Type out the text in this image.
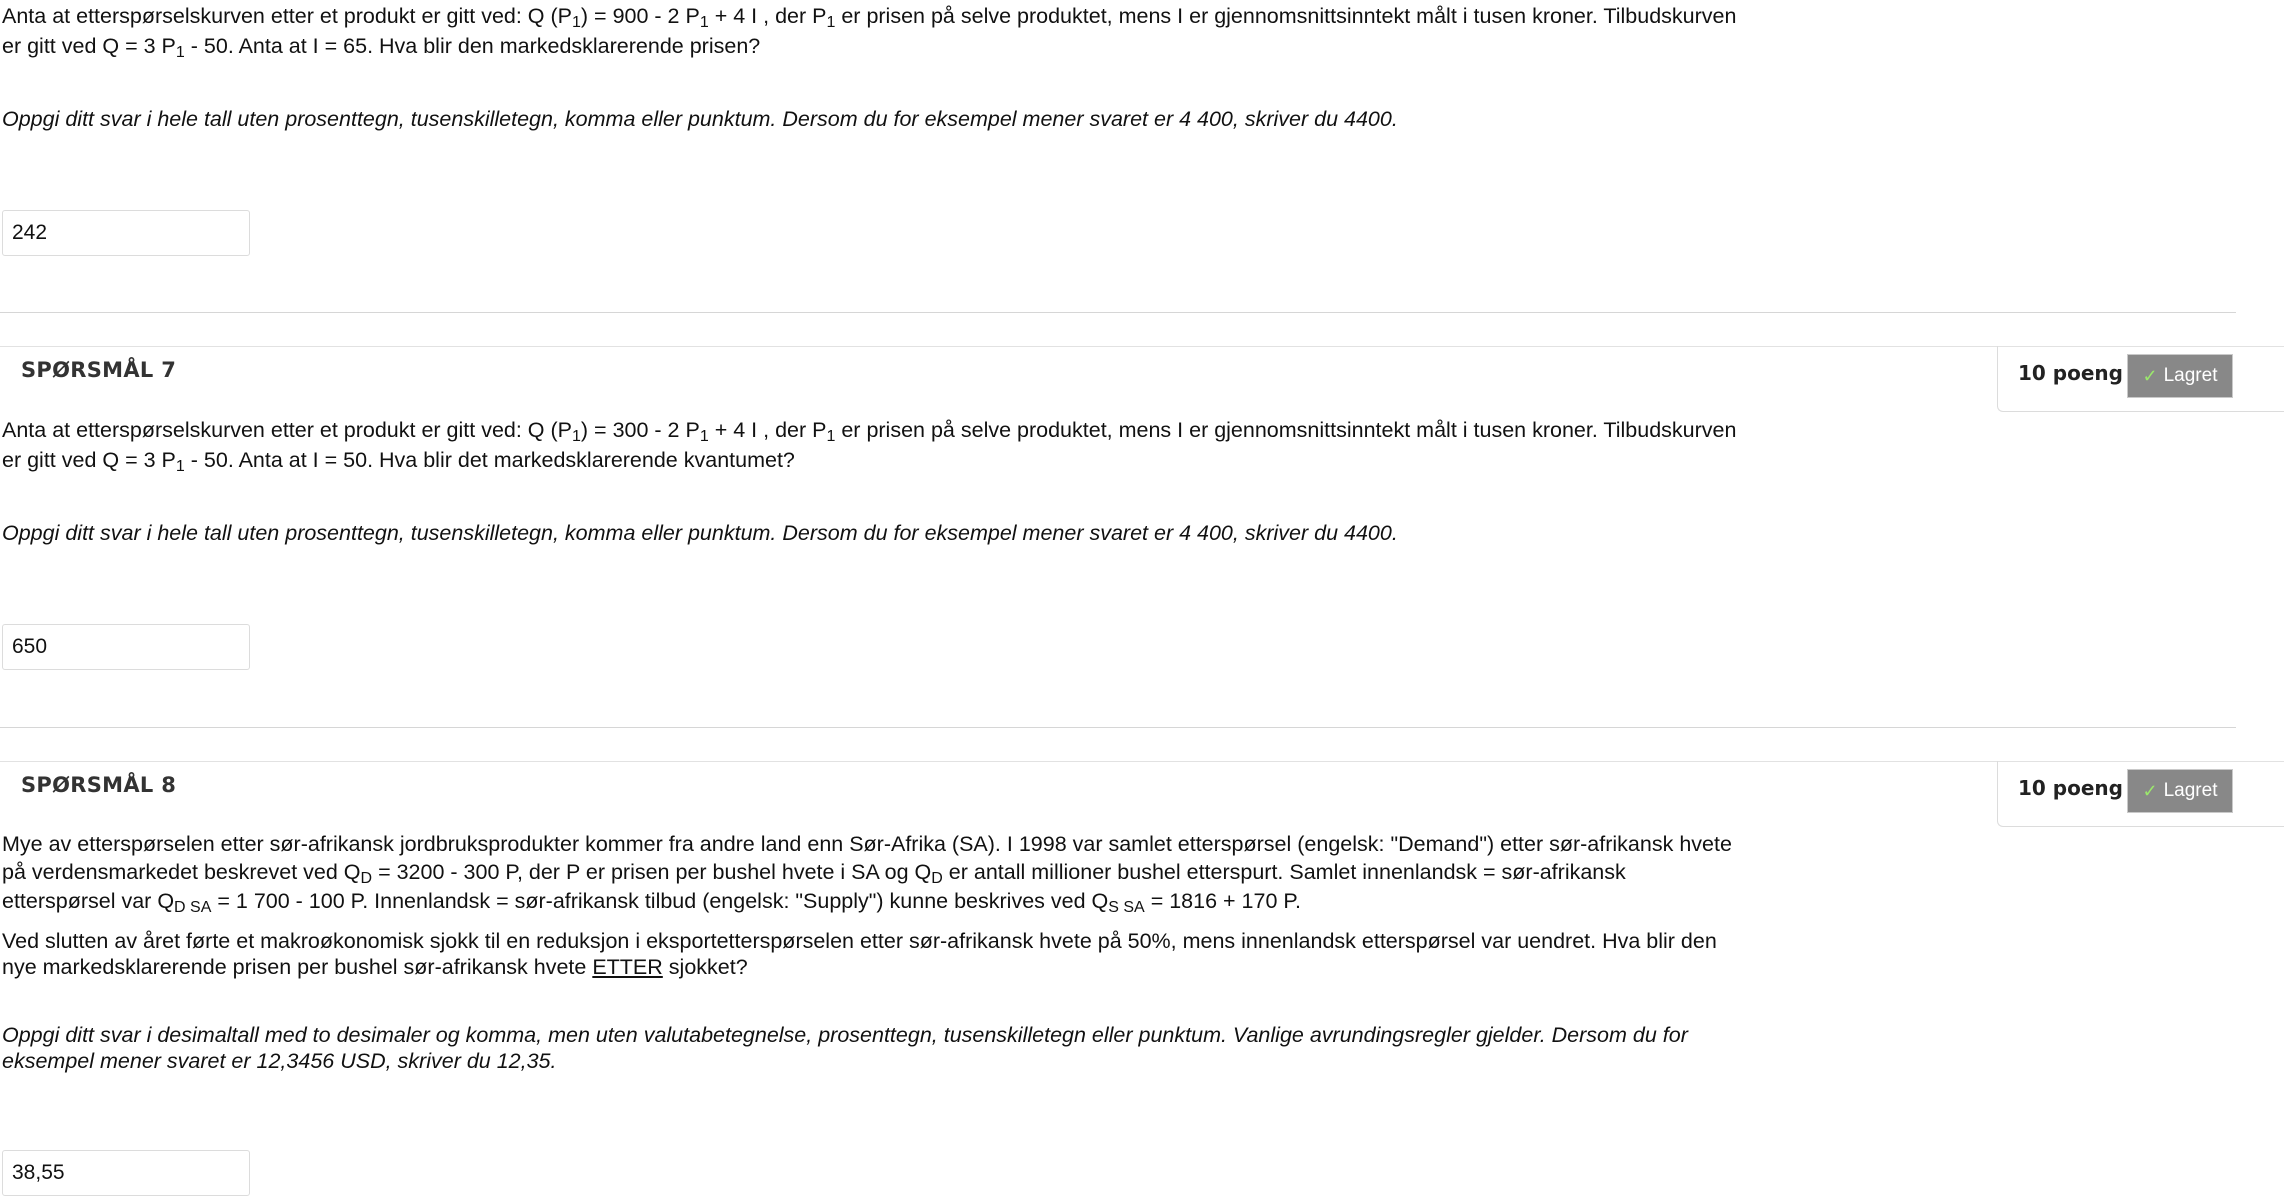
Anta at etterspørselskurven etter et produkt er gitt ved: Q $(P_1) = 900 - 2$ $P_1 + 4$ I , der $P_1$ er prisen på selve produktet, mens I er gjennomsnittsinntekt målt i tusen kroner. Tilbudskurven

er gitt ved Q = 3 $P_1 - 50$. Anta at I = 65. Hva blir den markedsklarerende prisen?

Oppgi ditt svar i hele tall uten prosenttegn, tusenskilletegn, komma eller punktum. Dersom du for eksempel mener svaret er 4 400, skriver du 4400.

242
SPØRSMÅL 7	10 poeng ✓ Lagret

Anta at etterspørselskurven etter et produkt er gitt ved: Q $(P_1) = 300 - 2$ $P_1 + 4$ I , der $P_1$ er prisen på selve produktet, mens I er gjennomsnittsinntekt målt i tusen kroner. Tilbudskurven

er gitt ved Q = 3 $P_1 - 50$. Anta at I = 50. Hva blir det markedsklarerende kvantumet?

Oppgi ditt svar i hele tall uten prosenttegn, tusenskilletegn, komma eller punktum. Dersom du for eksempel mener svaret er 4 400, skriver du 4400.

650
SPØRSMÅL 8	10 poeng ✓ Lagret

Mye av etterspørselen etter sør-afrikansk jordbruksprodukter kommer fra andre land enn Sør-Afrika (SA). I 1998 var samlet etterspørsel (engelsk: "Demand") etter sør-afrikansk hvete

på verdensmarkedet beskrevet ved $Q_D = 3200 - 300$ P, der P er prisen per bushel hvete i SA og $Q_D$ er antall millioner bushel etterspurt. Samlet innenlandsk = sør-afrikansk

etterspørsel var $Q_{D SA} = 1$ 700 - 100 P. Innenlandsk = sør-afrikansk tilbud (engelsk: "Supply") kunne beskrives ved $Q_{S SA} = 1816 + 170$ P.

Ved slutten av året førte et makroøkonomisk sjokk til en reduksjon i eksportetterspørselen etter sør-afrikansk hvete på 50%, mens innenlandsk etterspørsel var uendret. Hva blir den

nye markedsklarerende prisen per bushel sør-afrikansk hvete ETTER sjokket?

Oppgi ditt svar i desimaltall med to desimaler og komma, men uten valutabetegnelse, prosenttegn, tusenskilletegn eller punktum. Vanlige avrundingsregler gjelder. Dersom du for

eksempel mener svaret er 12,3456 USD, skriver du 12,35.

38,55
